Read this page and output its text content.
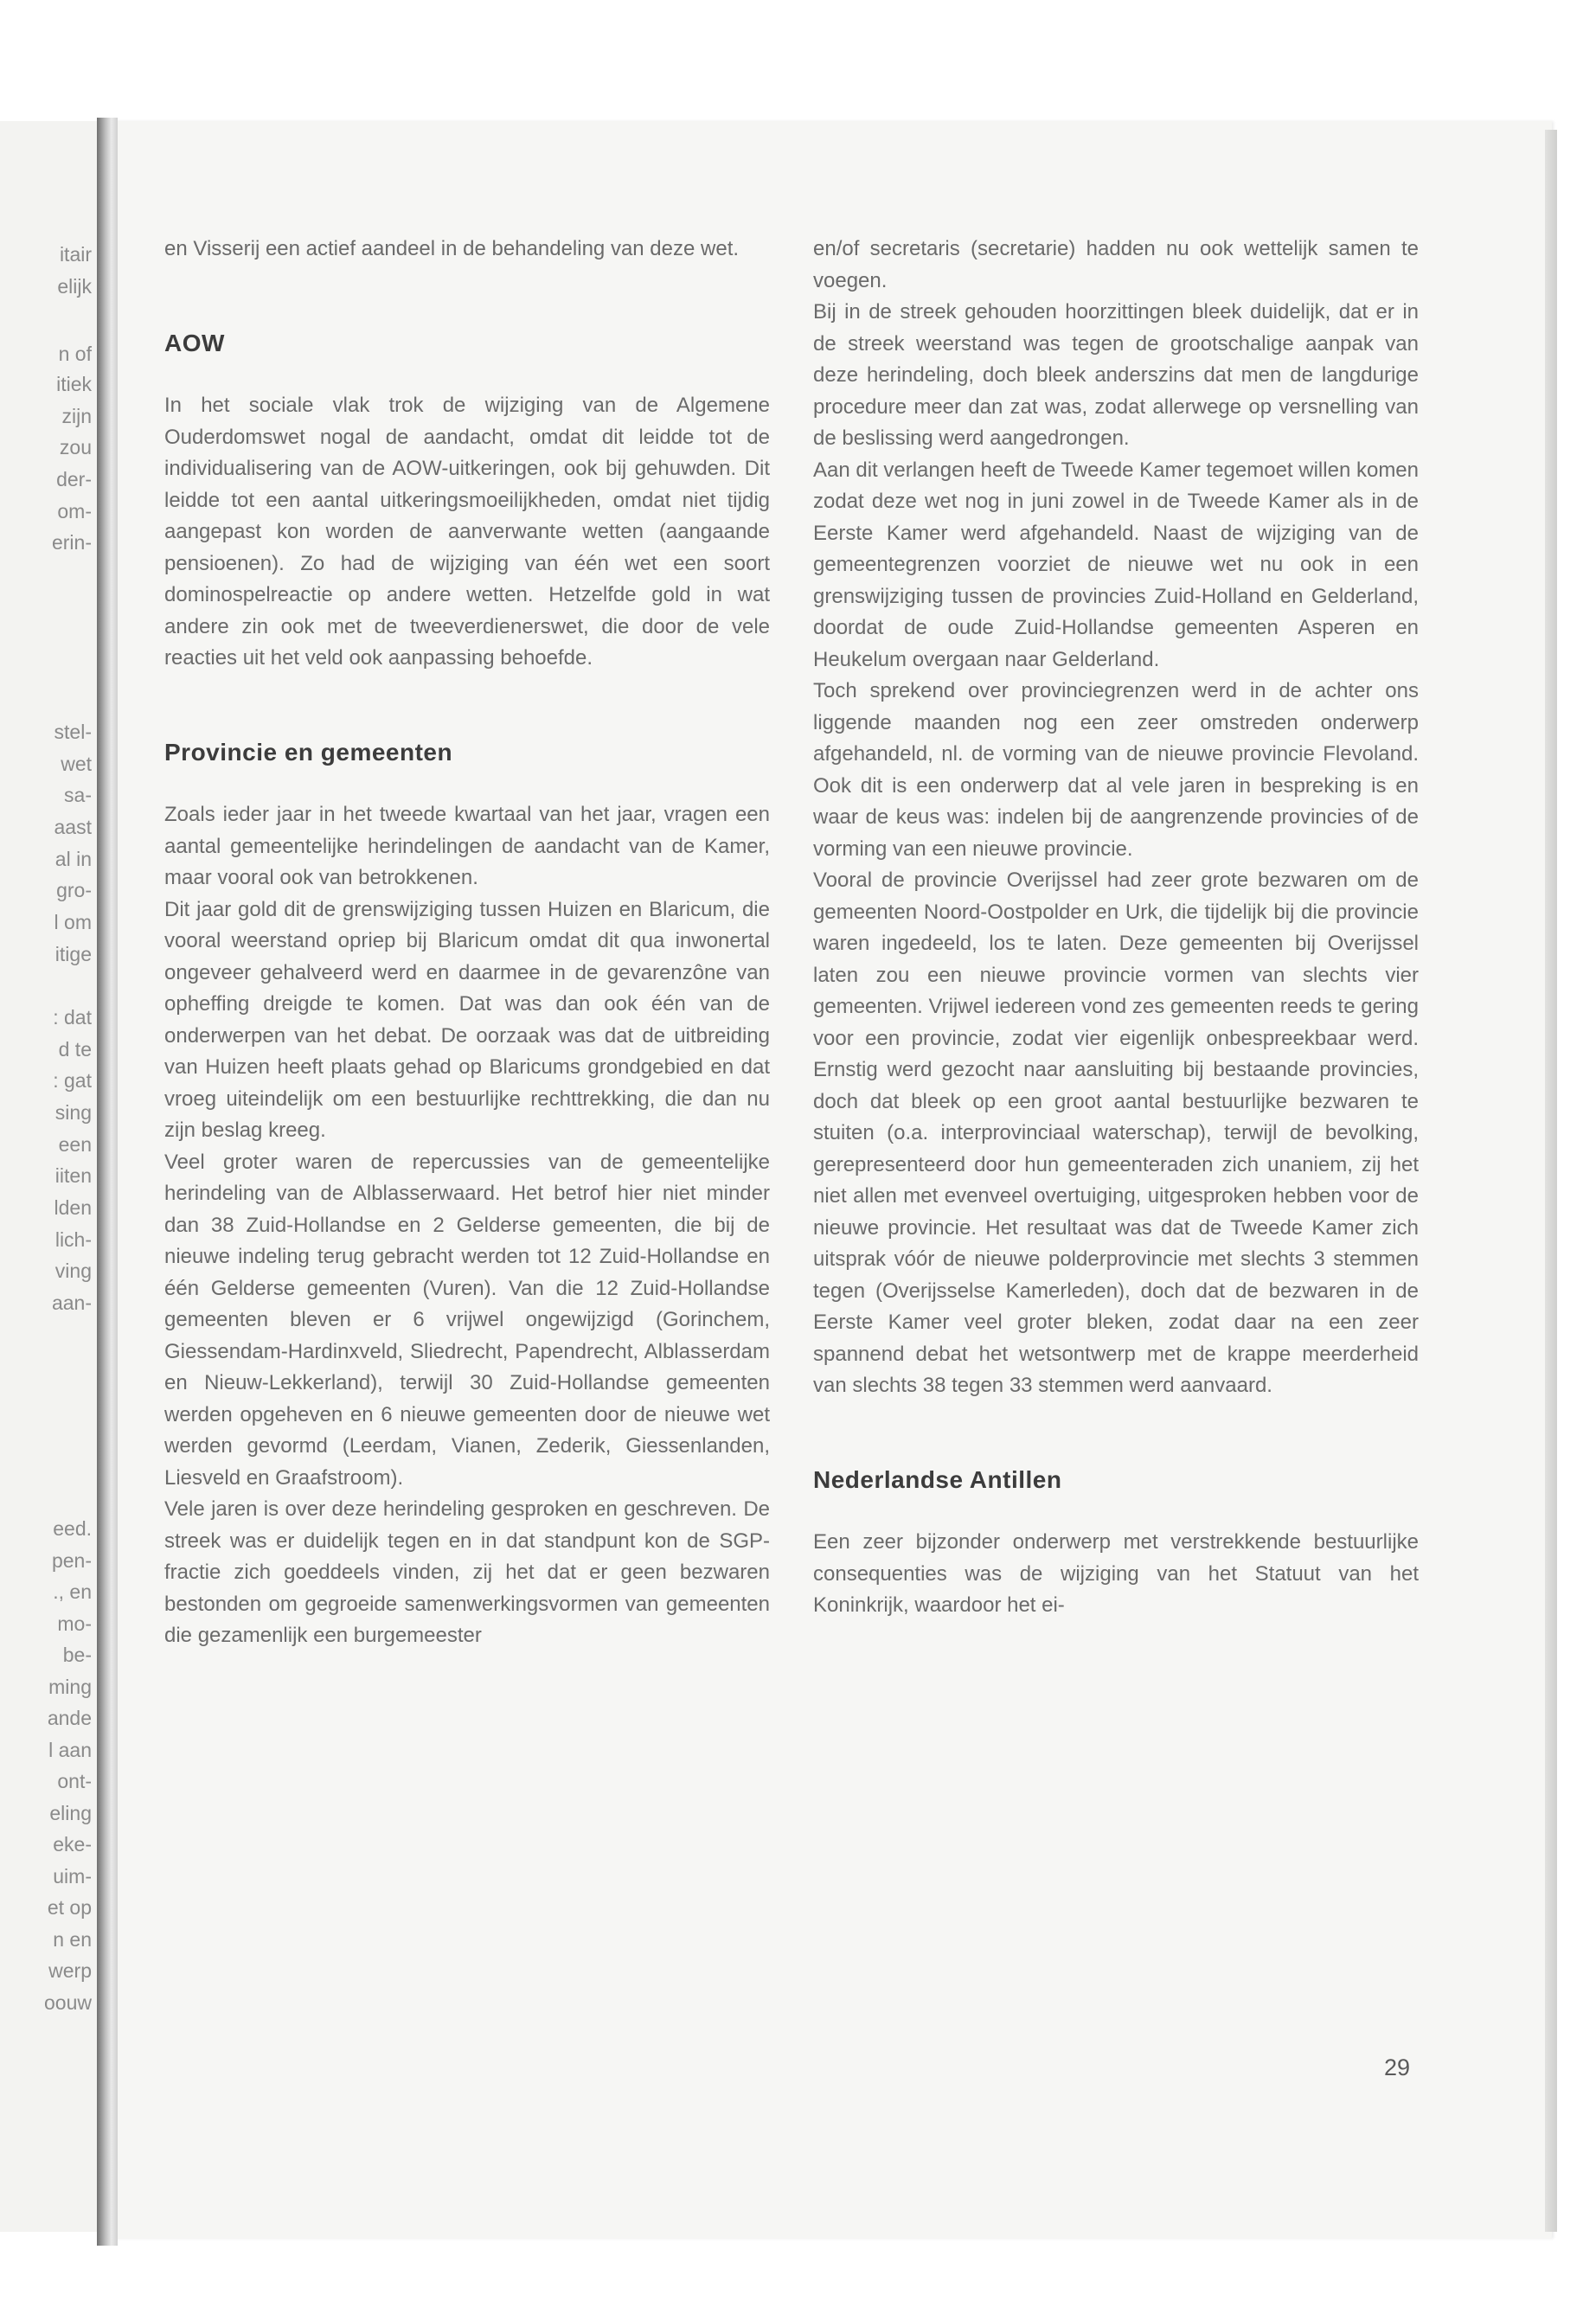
itair
elijk
n of
itiek
zijn
zou
der-
om-
erin-
stel-
wet
sa-
aast
al in
gro-
l om
itige
: dat
d te
: gat
sing
een
iiten
lden
lich-
ving
aan-
eed.
pen-
., en
mo-
be-
ming
ande
l aan
ont-
eling
eke-
uim-
et op
n en
werp
oouw

en Visserij een actief aandeel in de behandeling van deze wet.

AOW

In het sociale vlak trok de wijziging van de Algemene Ouderdomswet nogal de aandacht, omdat dit leidde tot de individualisering van de AOW-uitkeringen, ook bij gehuwden. Dit leidde tot een aantal uitkeringsmoeilijkheden, omdat niet tijdig aangepast kon worden de aanverwante wetten (aangaande pensioenen). Zo had de wijziging van één wet een soort dominospelreactie op andere wetten. Hetzelfde gold in wat andere zin ook met de tweeverdienerswet, die door de vele reacties uit het veld ook aanpassing behoefde.

Provincie en gemeenten

Zoals ieder jaar in het tweede kwartaal van het jaar, vragen een aantal gemeentelijke herindelingen de aandacht van de Kamer, maar vooral ook van betrokkenen.

Dit jaar gold dit de grenswijziging tussen Huizen en Blaricum, die vooral weerstand opriep bij Blaricum omdat dit qua inwonertal ongeveer gehalveerd werd en daarmee in de gevarenzône van opheffing dreigde te komen. Dat was dan ook één van de onderwerpen van het debat. De oorzaak was dat de uitbreiding van Huizen heeft plaats gehad op Blaricums grondgebied en dat vroeg uiteindelijk om een bestuurlijke rechttrekking, die dan nu zijn beslag kreeg.

Veel groter waren de repercussies van de gemeentelijke herindeling van de Alblasserwaard. Het betrof hier niet minder dan 38 Zuid-Hollandse en 2 Gelderse gemeenten, die bij de nieuwe indeling terug gebracht werden tot 12 Zuid-Hollandse en één Gelderse gemeenten (Vuren). Van die 12 Zuid-Hollandse gemeenten bleven er 6 vrijwel ongewijzigd (Gorinchem, Giessendam-Hardinxveld, Sliedrecht, Papendrecht, Alblasserdam en Nieuw-Lekkerland), terwijl 30 Zuid-Hollandse gemeenten werden opgeheven en 6 nieuwe gemeenten door de nieuwe wet werden gevormd (Leerdam, Vianen, Zederik, Giessenlanden, Liesveld en Graafstroom).

Vele jaren is over deze herindeling gesproken en geschreven. De streek was er duidelijk tegen en in dat standpunt kon de SGP-fractie zich goeddeels vinden, zij het dat er geen bezwaren bestonden om gegroeide samenwerkingsvormen van gemeenten die gezamenlijk een burgemeester

en/of secretaris (secretarie) hadden nu ook wettelijk samen te voegen.

Bij in de streek gehouden hoorzittingen bleek duidelijk, dat er in de streek weerstand was tegen de grootschalige aanpak van deze herindeling, doch bleek anderszins dat men de langdurige procedure meer dan zat was, zodat allerwege op versnelling van de beslissing werd aangedrongen.

Aan dit verlangen heeft de Tweede Kamer tegemoet willen komen zodat deze wet nog in juni zowel in de Tweede Kamer als in de Eerste Kamer werd afgehandeld. Naast de wijziging van de gemeentegrenzen voorziet de nieuwe wet nu ook in een grenswijziging tussen de provincies Zuid-Holland en Gelderland, doordat de oude Zuid-Hollandse gemeenten Asperen en Heukelum overgaan naar Gelderland.

Toch sprekend over provinciegrenzen werd in de achter ons liggende maanden nog een zeer omstreden onderwerp afgehandeld, nl. de vorming van de nieuwe provincie Flevoland. Ook dit is een onderwerp dat al vele jaren in bespreking is en waar de keus was: indelen bij de aangrenzende provincies of de vorming van een nieuwe provincie.

Vooral de provincie Overijssel had zeer grote bezwaren om de gemeenten Noord-Oostpolder en Urk, die tijdelijk bij die provincie waren ingedeeld, los te laten. Deze gemeenten bij Overijssel laten zou een nieuwe provincie vormen van slechts vier gemeenten. Vrijwel iedereen vond zes gemeenten reeds te gering voor een provincie, zodat vier eigenlijk onbespreekbaar werd. Ernstig werd gezocht naar aansluiting bij bestaande provincies, doch dat bleek op een groot aantal bestuurlijke bezwaren te stuiten (o.a. interprovinciaal waterschap), terwijl de bevolking, gerepresenteerd door hun gemeenteraden zich unaniem, zij het niet allen met evenveel overtuiging, uitgesproken hebben voor de nieuwe provincie. Het resultaat was dat de Tweede Kamer zich uitsprak vóór de nieuwe polderprovincie met slechts 3 stemmen tegen (Overijsselse Kamerleden), doch dat de bezwaren in de Eerste Kamer veel groter bleken, zodat daar na een zeer spannend debat het wetsontwerp met de krappe meerderheid van slechts 38 tegen 33 stemmen werd aanvaard.

Nederlandse Antillen

Een zeer bijzonder onderwerp met verstrekkende bestuurlijke consequenties was de wijziging van het Statuut van het Koninkrijk, waardoor het ei-

29
